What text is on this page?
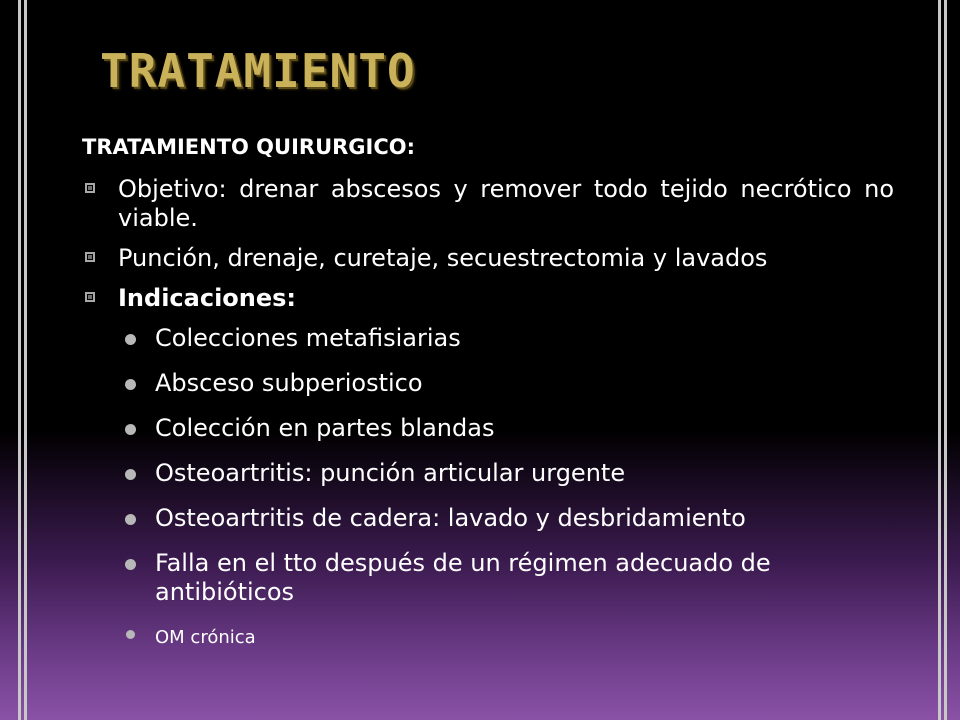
TRATAMIENTO
TRATAMIENTO QUIRURGICO:
Objetivo: drenar abscesos y remover todo tejido necrótico no viable.
Punción, drenaje, curetaje, secuestrectomia y lavados
Indicaciones:
Colecciones metafisiarias
Absceso subperiostico
Colección en partes blandas
Osteoartritis: punción articular urgente
Osteoartritis de cadera: lavado y desbridamiento
Falla en el tto después de un régimen adecuado de antibióticos
OM crónica
